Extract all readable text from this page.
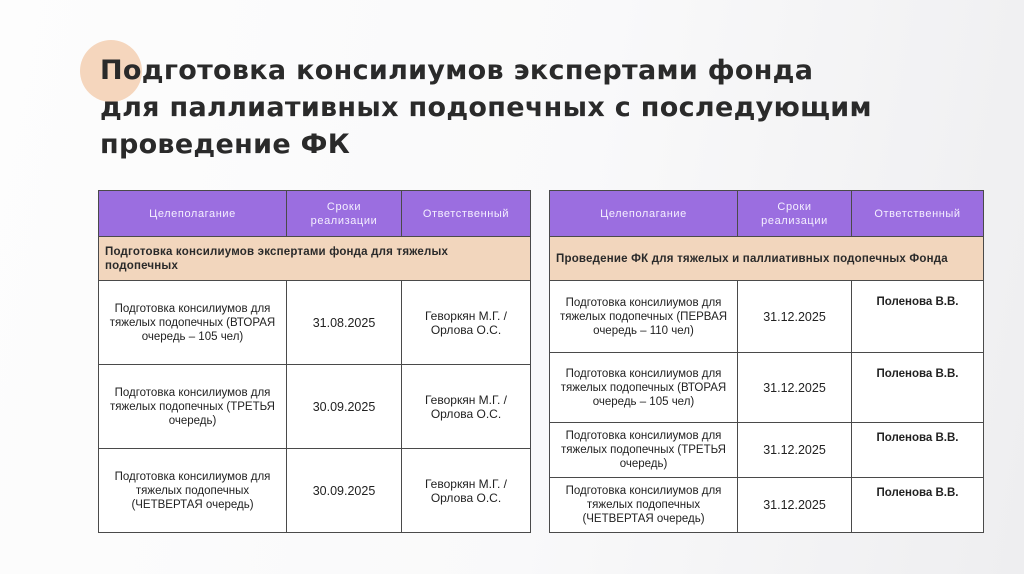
Подготовка консилиумов экспертами фонда
для паллиативных подопечных с последующим
проведение ФК
Целеполагание	Сроки реализации	Ответственный
Подготовка консилиумов экспертами фонда для тяжелых подопечных		
Подготовка консилиумов для тяжелых подопечных (ВТОРАЯ очередь – 105 чел)	31.08.2025	Геворкян М.Г. / Орлова О.С.
Подготовка консилиумов для тяжелых подопечных (ТРЕТЬЯ очередь)	30.09.2025	Геворкян М.Г. / Орлова О.С.
Подготовка консилиумов для тяжелых подопечных (ЧЕТВЕРТАЯ очередь)	30.09.2025	Геворкян М.Г. / Орлова О.С.
Целеполагание	Сроки реализации	Ответственный
Проведение ФК для тяжелых и паллиативных подопечных Фонда		
Подготовка консилиумов для тяжелых подопечных (ПЕРВАЯ очередь – 110 чел)	31.12.2025	Поленова В.В.
Подготовка консилиумов для тяжелых подопечных (ВТОРАЯ очередь – 105 чел)	31.12.2025	Поленова В.В.
Подготовка консилиумов для тяжелых подопечных (ТРЕТЬЯ очередь)	31.12.2025	Поленова В.В.
Подготовка консилиумов для тяжелых подопечных (ЧЕТВЕРТАЯ очередь)	31.12.2025	Поленова В.В.
